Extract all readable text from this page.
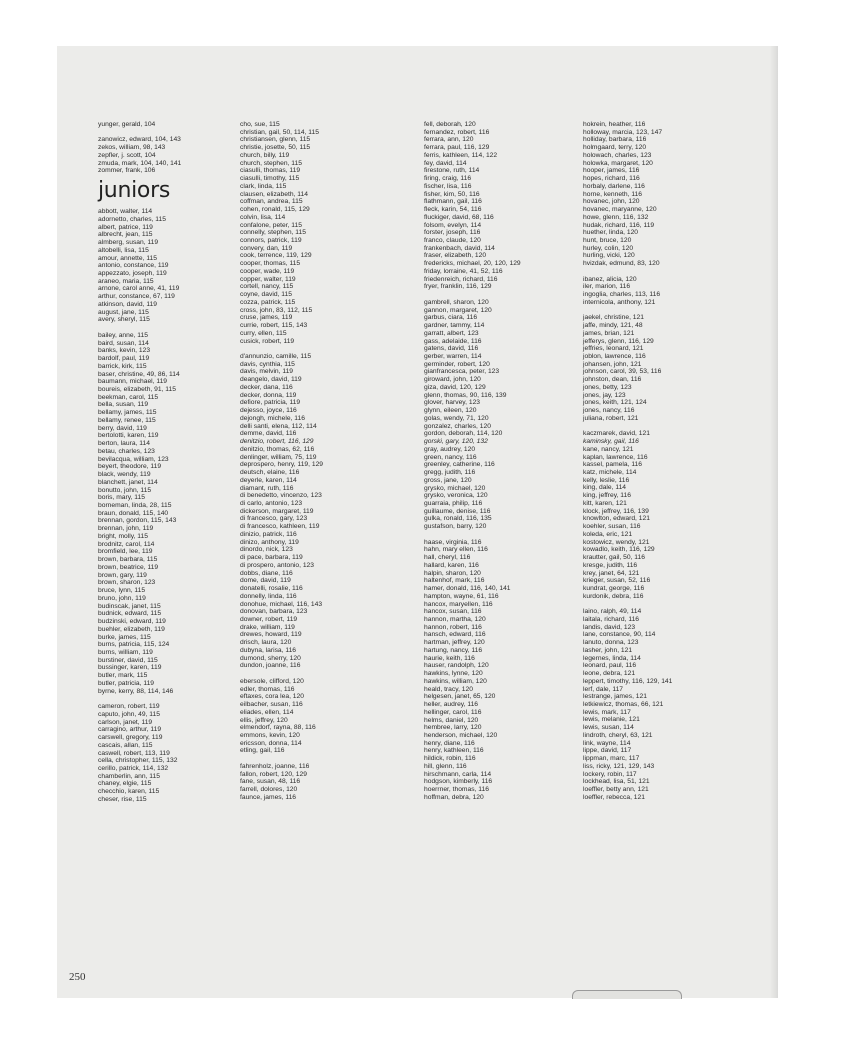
yunger, gerald, 104
zanowicz, edward, 104, 143
zekos, william, 98, 143
zepfler, j. scott, 104
zmuda, mark, 104, 140, 141
zommer, frank, 106
juniors
abbott, walter, 114
adornetto, charles, 115
albert, patrice, 119
albrecht, jean, 115
almberg, susan, 119
altobelli, lisa, 115
amour, annette, 115
antonio, constance, 119
appezzato, joseph, 119
araneo, maria, 115
arnone, carol anne, 41, 119
arthur, constance, 67, 119
atkinson, david, 119
august, jane, 115
avery, sheryl, 115
bailey, anne, 115
baird, susan, 114
banks, kevin, 123
bardolf, paul, 119
barrick, kirk, 115
baser, christine, 49, 86, 114
baumann, michael, 119
boureis, elizabeth, 91, 115
beekman, carol, 115
bella, susan, 119
bellamy, james, 115
bellamy, renee, 115
berry, david, 119
bertolotti, karen, 119
berton, laura, 114
betau, charles, 123
bevilacqua, william, 123
beyert, theodore, 119
black, wendy, 119
blanchett, janet, 114
bonutto, john, 115
boris, mary, 115
borneman, linda, 28, 115
braun, donald, 115, 140
brennan, gordon, 115, 143
brennan, john, 119
bright, molly, 115
brodnitz, carol, 114
bromfield, lee, 119
brown, barbara, 115
brown, beatrice, 119
brown, gary, 119
brown, sharon, 123
bruce, lynn, 115
bruno, john, 119
budinscak, janet, 115
budnick, edward, 115
budzinski, edward, 119
buehler, elizabeth, 119
burke, james, 115
burns, patricia, 115, 124
burns, william, 119
burstiner, david, 115
bussinger, karen, 119
butler, mark, 115
butler, patricia, 119
byrne, kerry, 88, 114, 146
cameron, robert, 119
caputo, john, 49, 115
carlson, janet, 119
carragino, arthur, 119
carswell, gregory, 119
cascais, allan, 115
caswell, robert, 113, 119
cella, christopher, 115, 132
cerillo, patrick, 114, 132
chamberlin, ann, 115
chaney, elgie, 115
checchio, karen, 115
cheser, rise, 115
cho, sue, 115
christian, gail, 50, 114, 115
christiansen, glenn, 115
christie, josette, 50, 115
church, billy, 119
church, stephen, 115
ciasulli, thomas, 119
ciasulli, timothy, 115
clark, linda, 115
clausen, elizabeth, 114
coffman, andrea, 115
cohen, ronald, 115, 129
colvin, lisa, 114
confalone, peter, 115
connelly, stephen, 115
connors, patrick, 119
convery, dan, 119
cook, terrence, 119, 129
cooper, thomas, 115
cooper, wade, 119
copper, walter, 119
cortell, nancy, 115
coyne, david, 115
cozza, patrick, 115
cross, john, 83, 112, 115
cruse, james, 119
currie, robert, 115, 143
curry, ellen, 115
cusick, robert, 119
d'annunzio, camille, 115
davis, cynthia, 115
davis, melvin, 119
deangelo, david, 119
decker, dana, 116
decker, donna, 119
defiore, patricia, 119
dejesso, joyce, 116
dejongh, michele, 116
delli santi, elena, 112, 114
demme, david, 116
denitzio, robert, 116, 129
denitzio, thomas, 62, 116
denlinger, william, 75, 119
deprospero, henry, 119, 129
deutsch, elaine, 116
deyerle, karen, 114
diamant, ruth, 116
di benedetto, vincenzo, 123
di carlo, antonio, 123
dickerson, margaret, 119
di francesco, gary, 123
di francesco, kathleen, 119
dinizio, patrick, 116
dinizo, anthony, 119
dinordo, nick, 123
di pace, barbara, 119
di prospero, antonio, 123
dobbs, diane, 116
dome, david, 119
donatelli, rosalie, 116
donnelly, linda, 116
donohue, michael, 116, 143
donovan, barbara, 123
downer, robert, 119
drake, william, 119
drewes, howard, 119
drisch, laura, 120
dubyna, larisa, 116
dumond, sherry, 120
dundon, joanne, 116
ebersole, clifford, 120
edler, thomas, 116
eftaxes, cora lea, 120
eilbacher, susan, 116
eliades, ellen, 114
ellis, jeffrey, 120
elmendorf, rayna, 88, 116
emmons, kevin, 120
ericsson, donna, 114
etling, gail, 116
fahrenholz, joanne, 116
fallon, robert, 120, 129
fane, susan, 48, 116
farrell, dolores, 120
faunce, james, 116
fell, deborah, 120
fernandez, robert, 116
ferrara, ann, 120
ferrara, paul, 116, 129
ferris, kathleen, 114, 122
fey, david, 114
firestone, ruth, 114
firing, craig, 116
fischer, lisa, 116
fisher, kim, 50, 116
flathmann, gail, 116
fleck, karin, 54, 116
fluckiger, david, 68, 116
folsom, evelyn, 114
forster, joseph, 116
franco, claude, 120
frankenbach, david, 114
fraser, elizabeth, 120
fredericks, michael, 20, 120, 129
friday, lorraine, 41, 52, 116
friedenreich, richard, 116
fryer, franklin, 116, 129
gambrell, sharon, 120
gannon, margaret, 120
garbus, ciara, 116
gardner, tammy, 114
garratt, albert, 123
gass, adelaide, 116
gatens, david, 116
gerber, warren, 114
germinder, robert, 120
gianfrancesca, peter, 123
giroward, john, 120
giza, david, 120, 129
glenn, thomas, 90, 116, 139
glover, harvey, 123
glynn, eileen, 120
golas, wendy, 71, 120
gonzalez, charles, 120
gordon, deborah, 114, 120
gorski, gary, 120, 132
gray, audrey, 120
green, nancy, 116
greenley, catherine, 116
gregg, judith, 116
gross, jane, 120
grysko, michael, 120
grysko, veronica, 120
guarraia, philip, 116
guillaume, denise, 116
gulka, ronald, 116, 135
gustafson, barry, 120
haase, virginia, 116
hahn, mary ellen, 116
hall, cheryl, 116
hallard, karen, 116
halpin, sharon, 120
haltenhof, mark, 116
hamer, donald, 116, 140, 141
hampton, wayne, 61, 116
hancox, maryellen, 116
hancox, susan, 116
hannon, martha, 120
hannon, robert, 116
hansch, edward, 116
hartman, jeffrey, 120
hartung, nancy, 116
haurie, keith, 116
hauser, randolph, 120
hawkins, lynne, 120
hawkins, william, 120
heald, tracy, 120
helgesen, janet, 65, 120
heller, audrey, 116
hellinger, carol, 116
helms, daniel, 120
hembree, larry, 120
henderson, michael, 120
henry, diane, 116
henry, kathleen, 116
hildick, robin, 116
hill, glenn, 116
hirschmann, carla, 114
hodgson, kimberly, 116
hoerrner, thomas, 116
hoffman, debra, 120
hokrein, heather, 116
holloway, marcia, 123, 147
holliday, barbara, 116
holmgaard, terry, 120
holowach, charles, 123
holowka, margaret, 120
hooper, james, 116
hopes, richard, 116
horbaly, darlene, 116
horne, kenneth, 116
hovanec, john, 120
hovanec, maryanne, 120
howe, glenn, 116, 132
hudak, richard, 116, 119
huether, linda, 120
hunt, bruce, 120
hurley, colin, 120
hurling, vicki, 120
hvizdak, edmund, 83, 120
ibanez, alicia, 120
iler, marion, 116
ingoglia, charles, 113, 116
internicola, anthony, 121
jaekel, christine, 121
jaffe, mindy, 121, 48
james, brian, 121
jefferys, glenn, 116, 129
jeffries, leonard, 121
joblon, lawrence, 116
johansen, john, 121
johnson, carol, 39, 53, 116
johnston, dean, 116
jones, betty, 123
jones, jay, 123
jones, keith, 121, 124
jones, nancy, 116
juliana, robert, 121
kaczmarek, david, 121
kaminsky, gail, 116
kane, nancy, 121
kaplan, lawrence, 116
kassel, pamela, 116
katz, michele, 114
kelly, leslie, 116
king, dale, 114
king, jeffrey, 116
kitt, karen, 121
klock, jeffrey, 116, 139
knowlton, edward, 121
koehler, susan, 116
koleda, eric, 121
kostowicz, wendy, 121
kowadlo, keith, 116, 129
krautter, gail, 50, 116
kresge, judith, 116
krey, janet, 64, 121
krieger, susan, 52, 116
kundrat, george, 116
kurdonik, debra, 116
laino, ralph, 49, 114
laitala, richard, 116
landis, david, 123
lane, constance, 90, 114
lanuto, donna, 123
lasher, john, 121
legernes, linda, 114
leonard, paul, 116
leone, debra, 121
leppert, timothy, 116, 129, 141
lerf, dale, 117
lestrange, james, 121
letkiewicz, thomas, 66, 121
lewis, mark, 117
lewis, melanie, 121
lewis, susan, 114
lindroth, cheryl, 63, 121
link, wayne, 114
lippe, david, 117
lippman, marc, 117
liss, ricky, 121, 129, 143
lockery, robin, 117
lockhead, lisa, 51, 121
loeffler, betty ann, 121
loeffler, rebecca, 121
250
